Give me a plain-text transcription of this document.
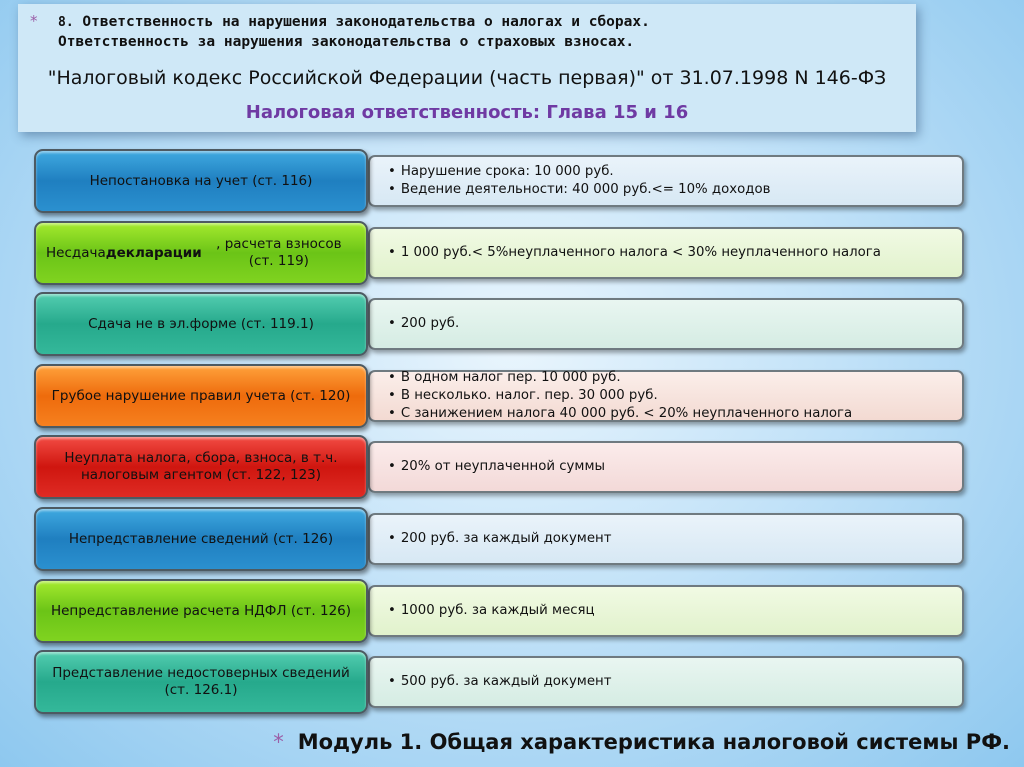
* 8. Ответственность на нарушения законодательства о налогах и сборах.
Ответственность за нарушения законодательства о страховых взносах.
"Налоговый кодекс Российской Федерации (часть первая)" от 31.07.1998 N 146-ФЗ
Налоговая ответственность: Глава 15 и 16
• Нарушение срока: 10 000 руб.
• Ведение деятельности: 40 000 руб.<= 10% доходов
Непостановка на учет (ст. 116)
• 1 000 руб.< 5%неуплаченного налога < 30% неуплаченного налога
Несдача декларации
, расчета взносов (ст. 119)
• 200 руб.
Сдача не в эл.форме (ст. 119.1)
• В одном налог пер. 10 000 руб.
• В несколько. налог. пер. 30 000 руб.
• С занижением налога 40 000 руб. < 20% неуплаченного налога
Грубое нарушение правил учета (ст. 120)
• 20% от неуплаченной суммы
Неуплата налога, сбора, взноса, в т.ч. налоговым агентом (ст. 122, 123)
• 200 руб. за каждый документ
Непредставление сведений (ст. 126)
• 1000 руб. за каждый месяц
Непредставление расчета НДФЛ (ст. 126)
• 500 руб. за каждый документ
Представление недостоверных сведений (ст. 126.1)
* Модуль 1. Общая характеристика налоговой системы РФ.
